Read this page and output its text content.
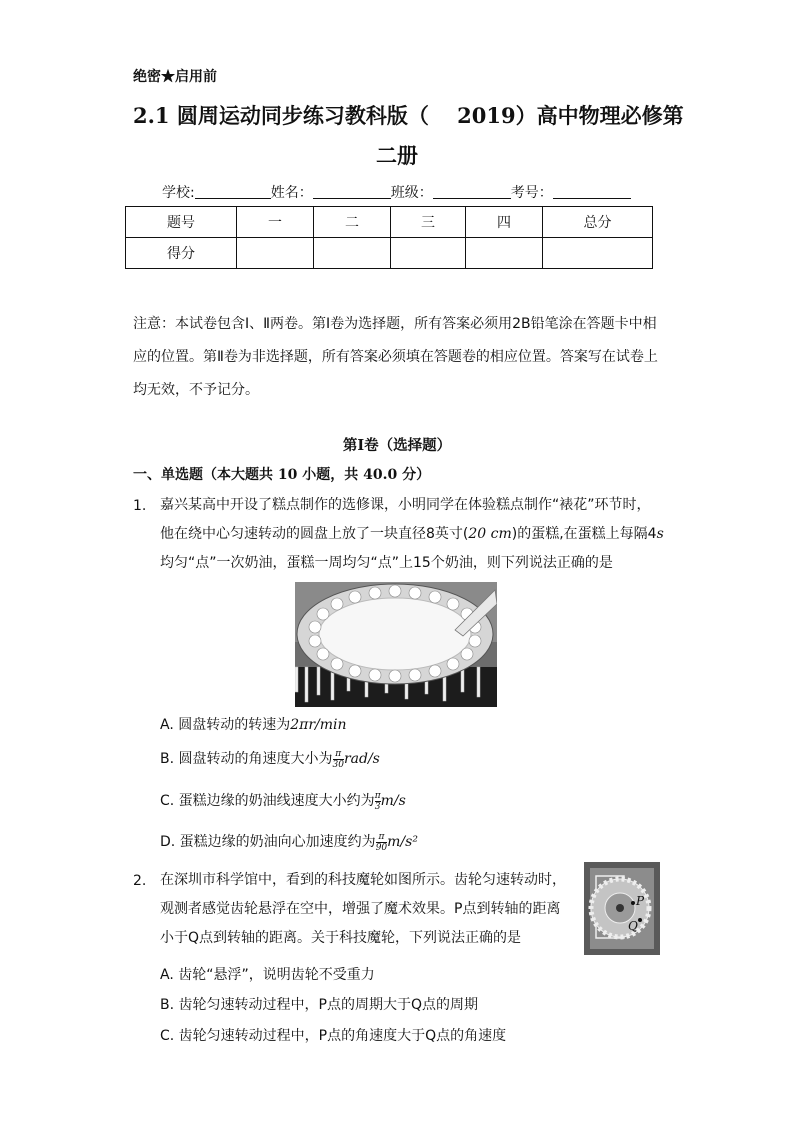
绝密★启用前
2.1 圆周运动同步练习教科版（　 2019）高中物理必修第
二册
学校:	姓名：	班级：	考号：
题号	一	二	三	四	总分
得分					
注意：本试卷包含Ⅰ、Ⅱ两卷。第Ⅰ卷为选择题，所有答案必须用2B铅笔涂在答题卡中相应的位置。第Ⅱ卷为非选择题，所有答案必须填在答题卷的相应位置。答案写在试卷上均无效，不予记分。
第Ⅰ卷（选择题）
一、单选题（本大题共 10 小题，共 40.0 分）
1. 嘉兴某高中开设了糕点制作的选修课，小明同学在体验糕点制作“裱花”环节时，
他在绕中心匀速转动的圆盘上放了一块直径8英寸(20 cm)的蛋糕,在蛋糕上每隔4s
均匀“点”一次奶油，蛋糕一周均匀“点”上15个奶油，则下列说法正确的是
A. 圆盘转动的转速为2πr/min
B. 圆盘转动的角速度大小为 $\frac{\pi}{30} rad/s$
C. 蛋糕边缘的奶油线速度大小约为 $\frac{\pi}{3} m/s$
D. 蛋糕边缘的奶油向心加速度约为 $\frac{\pi}{90} m/s^2$
2. 在深圳市科学馆中，看到的科技魔轮如图所示。齿轮匀速转动时，
观测者感觉齿轮悬浮在空中，增强了魔术效果。P点到转轴的距离
小于Q点到转轴的距离。关于科技魔轮，下列说法正确的是
P
Q
A. 齿轮“悬浮”，说明齿轮不受重力
B. 齿轮匀速转动过程中，P点的周期大于Q点的周期
C. 齿轮匀速转动过程中，P点的角速度大于Q点的角速度
